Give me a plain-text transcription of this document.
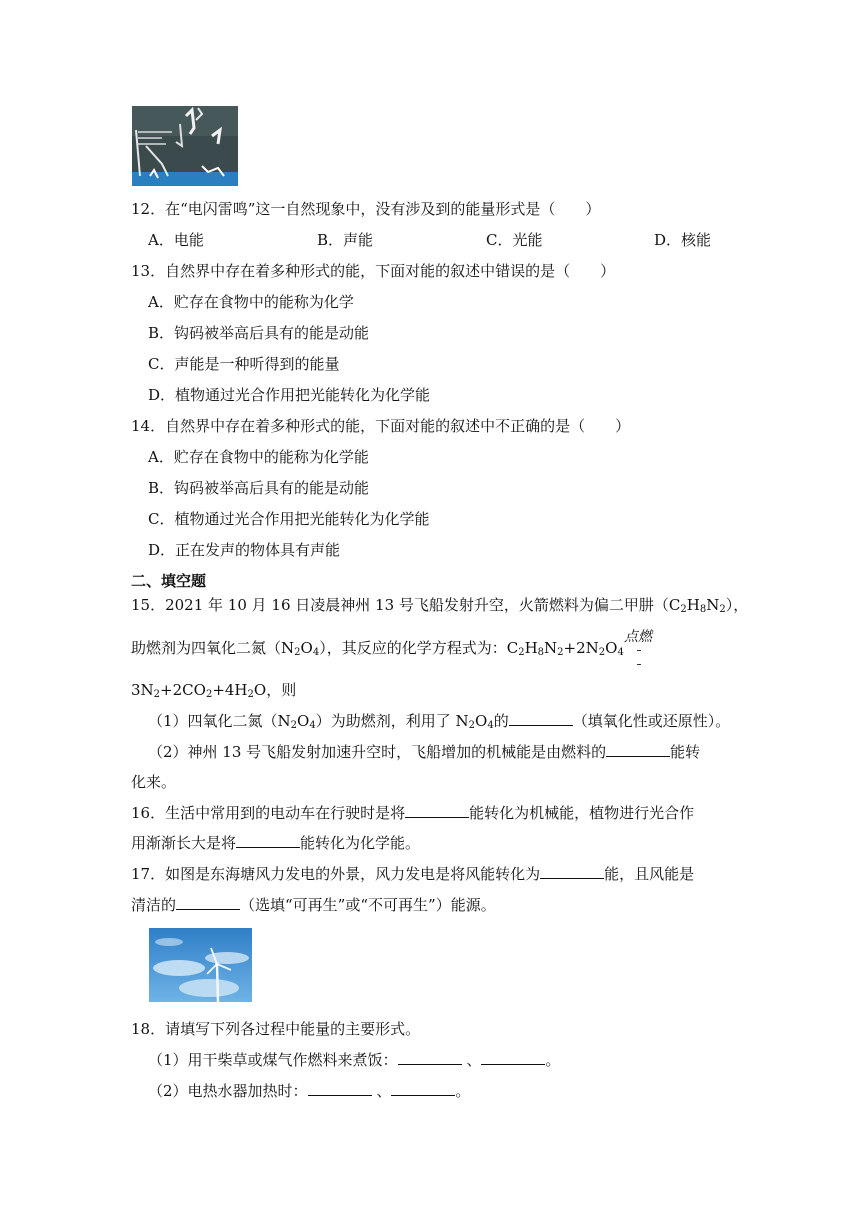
12．在“电闪雷鸣”这一自然现象中，没有涉及到的能量形式是（　　）
A．电能	B．声能	C．光能	D．核能
13．自然界中存在着多种形式的能，下面对能的叙述中错误的是（　　）
A．贮存在食物中的能称为化学
B．钩码被举高后具有的能是动能
C．声能是一种听得到的能量
D．植物通过光合作用把光能转化为化学能
14．自然界中存在着多种形式的能，下面对能的叙述中不正确的是（　　）
A．贮存在食物中的能称为化学能
B．钩码被举高后具有的能是动能
C．植物通过光合作用把光能转化为化学能
D．正在发声的物体具有声能
二、填空题
15．2021 年 10 月 16 日凌晨神州 13 号飞船发射升空，火箭燃料为偏二甲肼$(C_2H_8N_2)$，
助燃剂为四氧化二氮$(N_2O_4)$，其反应的化学方程式为：$C_2H_8N_2+2N_2O_4$
点燃
$3N_2+2CO_2+4H_2O$，则
（1）四氧化二氮$(N_2O_4)$为助燃剂，利用了 $N_2O_4$的	（填氧化性或还原性）。
（2）神州 13 号飞船发射加速升空时，飞船增加的机械能是由燃料的	能转
化来。
16．生活中常用到的电动车在行驶时是将	能转化为机械能，植物进行光合作
用渐渐长大是将	能转化为化学能。
17．如图是东海塘风力发电的外景，风力发电是将风能转化为	能，且风能是
清洁的	（选填“可再生”或“不可再生”）能源。
18．请填写下列各过程中能量的主要形式。
（1）用干柴草或煤气作燃料来煮饭：	、	。
（2）电热水器加热时：	、	。
